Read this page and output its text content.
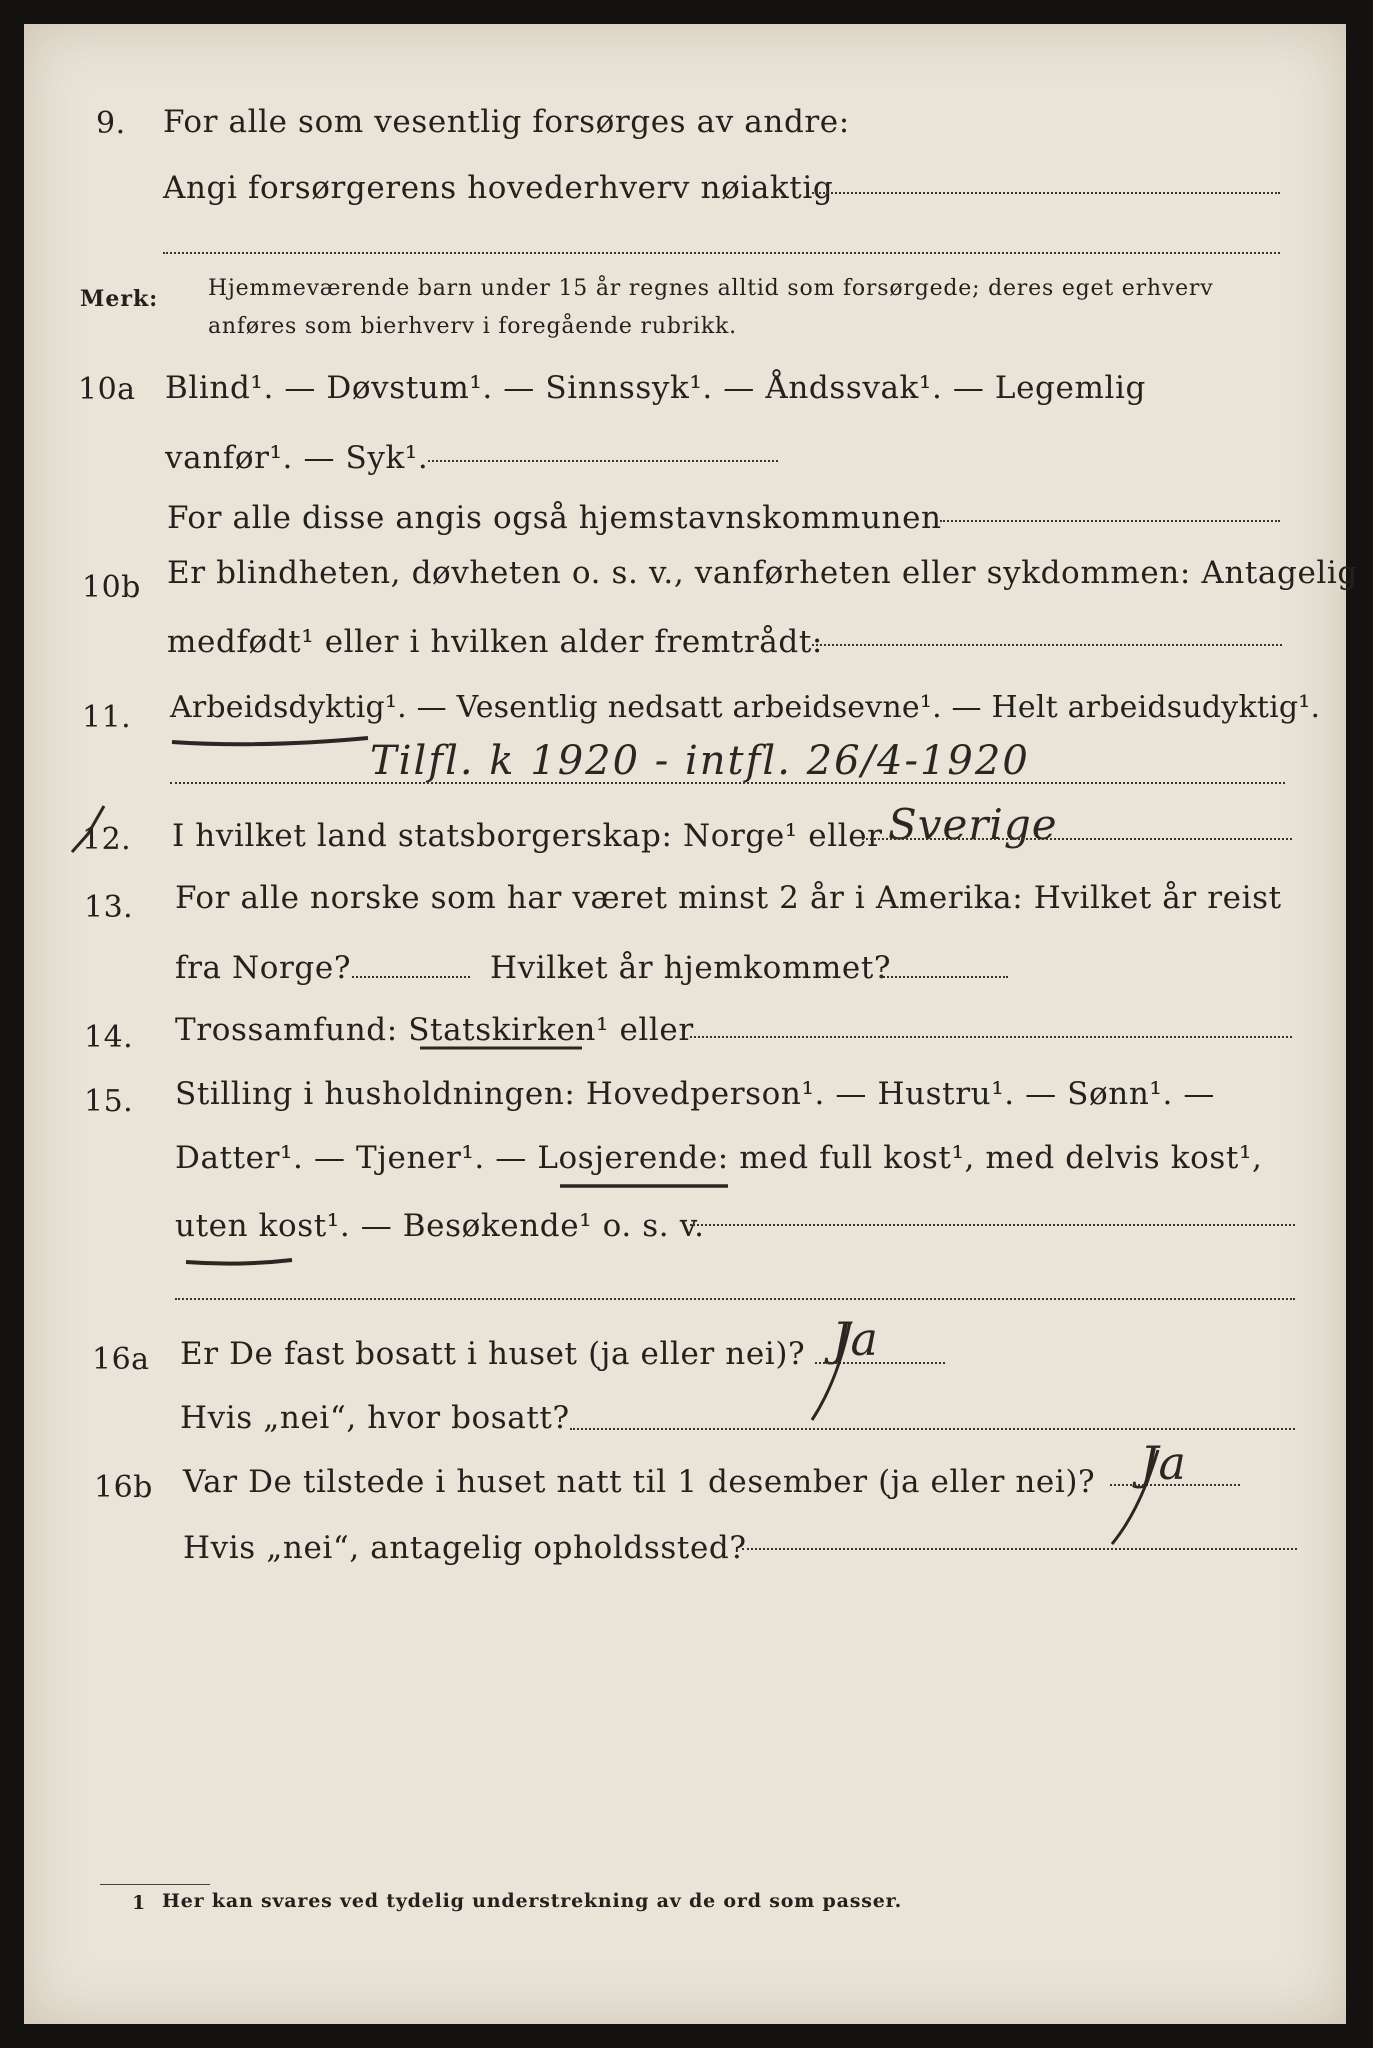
9. For alle som vesentlig forsørges av andre:
Angi forsørgerens hovederhverv nøiaktig
Merk: Hjemmeværende barn under 15 år regnes alltid som forsørgede; deres eget erhverv
anføres som bierhverv i foregående rubrikk.
10a Blind¹. — Døvstum¹. — Sinnssyk¹. — Åndssvak¹. — Legemlig
vanfør¹. — Syk¹.
For alle disse angis også hjemstavnskommunen
10b Er blindheten, døvheten o. s. v., vanførheten eller sykdommen: Antagelig
medfødt¹ eller i hvilken alder fremtrådt:
11. Arbeidsdyktig¹. — Vesentlig nedsatt arbeidsevne¹. — Helt arbeidsudyktig¹.
Tilfl. k 1920 - intfl. 26/4-1920
12. I hvilket land statsborgerskap: Norge¹ eller Sverige
13. For alle norske som har været minst 2 år i Amerika: Hvilket år reist
fra Norge?	Hvilket år hjemkommet?
14. Trossamfund: Statskirken¹ eller
15. Stilling i husholdningen: Hovedperson¹. — Hustru¹. — Sønn¹. —
Datter¹. — Tjener¹. — Losjerende: med full kost¹, med delvis kost¹,
uten kost¹. — Besøkende¹ o. s. v.
16a Er De fast bosatt i huset (ja eller nei)? Ja
Hvis „nei“, hvor bosatt?
16b Var De tilstede i huset natt til 1 desember (ja eller nei)? Ja
Hvis „nei“, antagelig opholdssted?
1 Her kan svares ved tydelig understrekning av de ord som passer.
